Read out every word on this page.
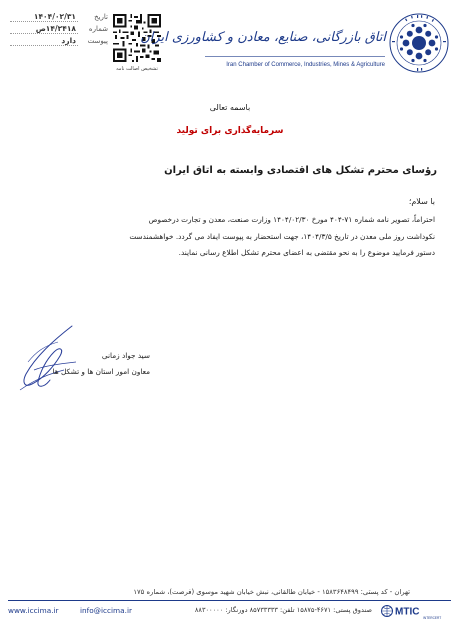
تاریخ
۱۴۰۴/۰۲/۳۱
شماره
۱۴/۲۴۱۸ص
پیوست
دارد
تشخیص اصالت نامه
اتاق بازرگانی، صنایع، معادن و کشاورزی ایران
Iran Chamber of Commerce, Industries, Mines & Agriculture
باسمه تعالی
سرمایه‌گذاری برای تولید
رؤسای محترم تشکل های اقتصادی وابسته به اتاق ایران
با سلام؛

احتراماً، تصویر نامه شماره ۷۱-۴۰۴ مورخ ۱۴۰۴/۰۲/۳۰ وزارت صنعت، معدن و تجارت درخصوص

نکوداشت روز ملی معدن در تاریخ ۱۴۰۴/۳/۵، جهت استحضار به پیوست ایفاد می گردد. خواهشمندست

دستور فرمایید موضوع را به نحو مقتضی به اعضای محترم تشکل اطلاع رسانی نمایند.

سید جواد زمانی
معاون امور استان ها و تشکل ها
تهران - کد پستی: ۱۵۸۳۶۴۸۴۹۹ - خیابان طالقانی، نبش خیابان شهید موسوی (فرصت)، شماره ۱۷۵
www.iccima.ir	info@iccima.ir	صندوق پستی: ۴۶۷۱-۱۵۸۷۵ تلفن: ۸۵۷۳۳۳۳۳ دورنگار: ۸۸۳۰۰۰۰۰ MTIC
INTERCERT
